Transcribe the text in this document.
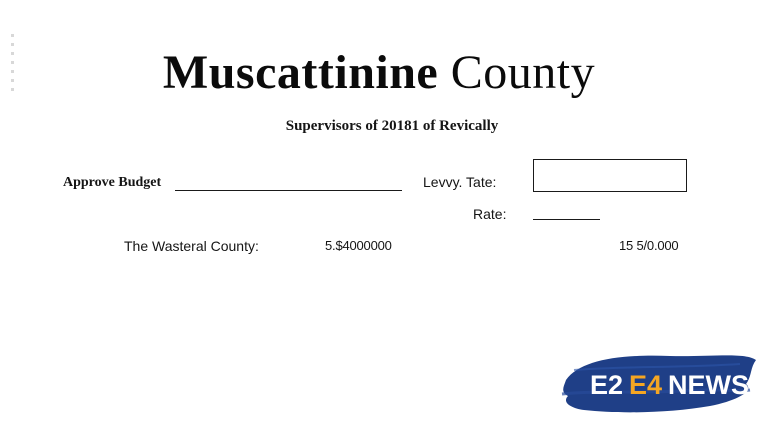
Muscattinine County
Supervisors of 20181 of Revically
Approve Budget	Levvy. Tate:
Rate:
The Wasteral County:	5.$4000000	15 5/0.000
E2 E4 NEWS
